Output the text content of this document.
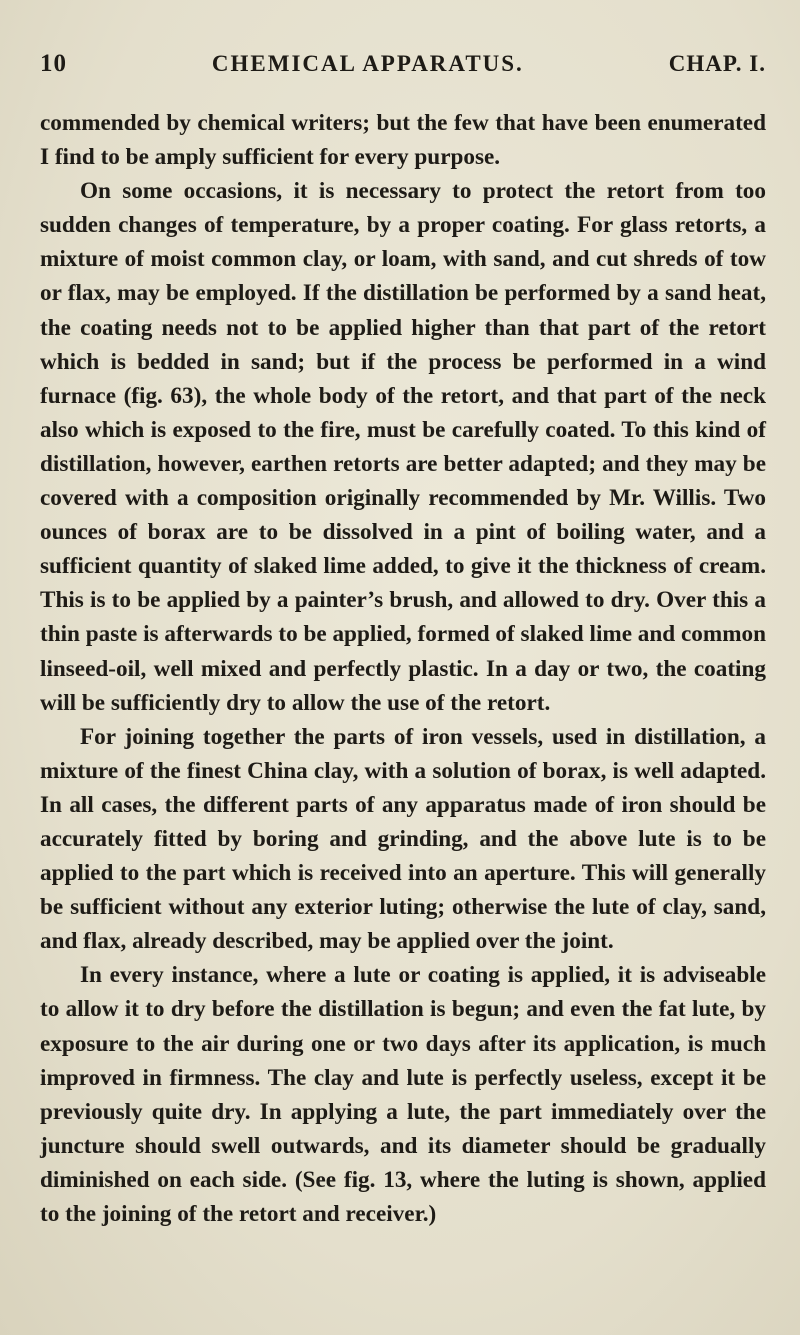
10	CHEMICAL APPARATUS.	CHAP. I.

commended by chemical writers; but the few that have been enumerated I find to be amply sufficient for every purpose.

On some occasions, it is necessary to protect the retort from too sudden changes of temperature, by a proper coating. For glass retorts, a mixture of moist common clay, or loam, with sand, and cut shreds of tow or flax, may be employed. If the distillation be performed by a sand heat, the coating needs not to be applied higher than that part of the retort which is bedded in sand; but if the process be performed in a wind furnace (fig. 63), the whole body of the retort, and that part of the neck also which is exposed to the fire, must be carefully coated. To this kind of distillation, however, earthen retorts are better adapted; and they may be covered with a composition originally recommended by Mr. Willis. Two ounces of borax are to be dissolved in a pint of boiling water, and a sufficient quantity of slaked lime added, to give it the thickness of cream. This is to be applied by a painter’s brush, and allowed to dry. Over this a thin paste is afterwards to be applied, formed of slaked lime and common linseed-oil, well mixed and perfectly plastic. In a day or two, the coating will be sufficiently dry to allow the use of the retort.

For joining together the parts of iron vessels, used in distillation, a mixture of the finest China clay, with a solution of borax, is well adapted. In all cases, the different parts of any apparatus made of iron should be accurately fitted by boring and grinding, and the above lute is to be applied to the part which is received into an aperture. This will generally be sufficient without any exterior luting; otherwise the lute of clay, sand, and flax, already described, may be applied over the joint.

In every instance, where a lute or coating is applied, it is adviseable to allow it to dry before the distillation is begun; and even the fat lute, by exposure to the air during one or two days after its application, is much improved in firmness. The clay and lute is perfectly useless, except it be previously quite dry. In applying a lute, the part immediately over the juncture should swell outwards, and its diameter should be gradually diminished on each side. (See fig. 13, where the luting is shown, applied to the joining of the retort and receiver.)
